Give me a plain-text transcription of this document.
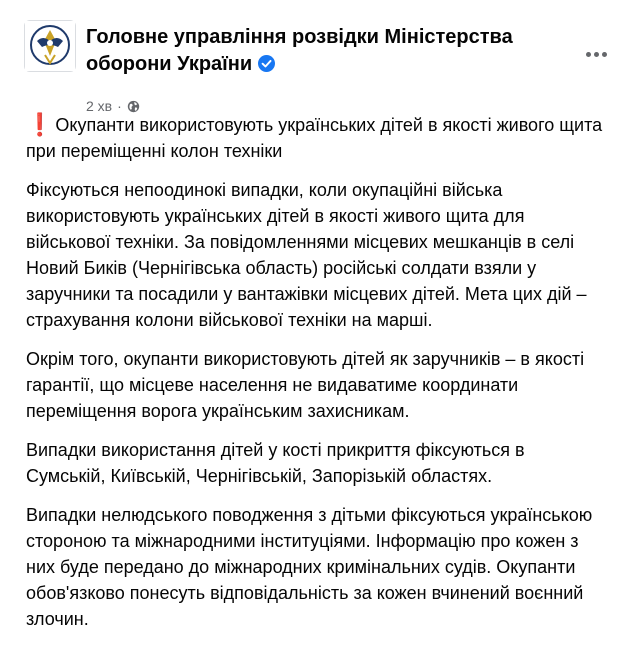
Головне управління розвідки Міністерства оборони України
2 хв ·

❗ Окупанти використовують українських дітей в якості живого щита при переміщенні колон техніки

Фіксуються непоодинокі випадки, коли окупаційні війська використовують українських дітей в якості живого щита для військової техніки. За повідомленнями місцевих мешканців в селі Новий Биків (Чернігівська область) російські солдати взяли у заручники та посадили у вантажівки місцевих дітей. Мета цих дій – страхування колони військової техніки на марші.

Окрім того, окупанти використовують дітей як заручників – в якості гарантії, що місцеве населення не видаватиме координати переміщення ворога українським захисникам.

Випадки використання дітей у кості прикриття фіксуються в Сумській, Київській, Чернігівській, Запорізькій областях.

Випадки нелюдського поводження з дітьми фіксуються українською стороною та міжнародними інституціями. Інформацію про кожен з них буде передано до міжнародних кримінальних судів. Окупанти обов'язково понесуть відповідальність за кожен вчинений воєнний злочин.
